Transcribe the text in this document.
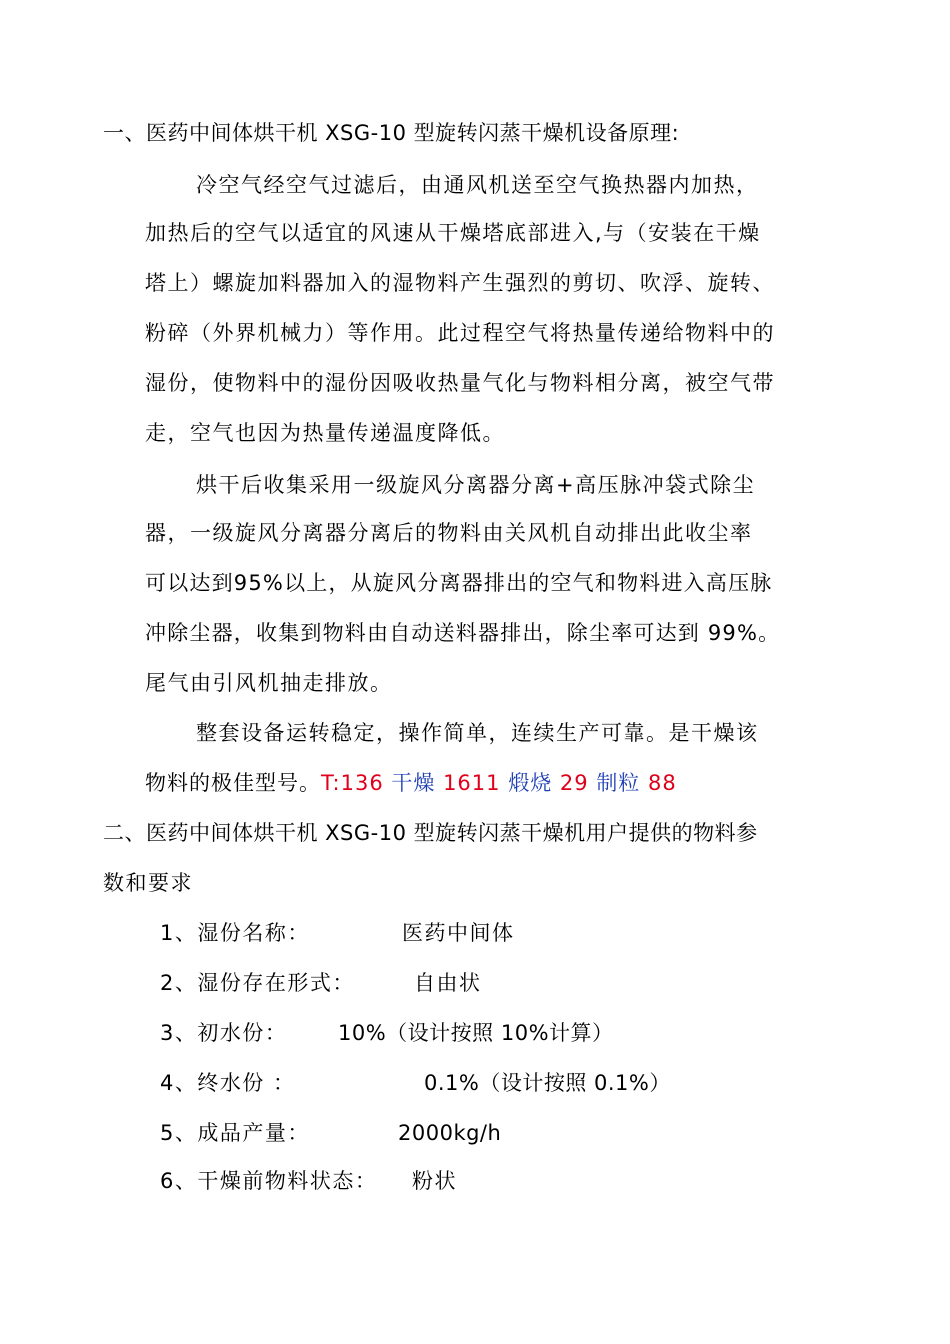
一、医药中间体烘干机 XSG-10 型旋转闪蒸干燥机设备原理:
冷空气经空气过滤后，由通风机送至空气换热器内加热，
加热后的空气以适宜的风速从干燥塔底部进入,与（安装在干燥
塔上）螺旋加料器加入的湿物料产生强烈的剪切、吹浮、旋转、
粉碎（外界机械力）等作用。此过程空气将热量传递给物料中的
湿份，使物料中的湿份因吸收热量气化与物料相分离，被空气带
走，空气也因为热量传递温度降低。
烘干后收集采用一级旋风分离器分离+高压脉冲袋式除尘
器，一级旋风分离器分离后的物料由关风机自动排出此收尘率
可以达到95%以上，从旋风分离器排出的空气和物料进入高压脉
冲除尘器，收集到物料由自动送料器排出，除尘率可达到 99%。
尾气由引风机抽走排放。
整套设备运转稳定，操作简单，连续生产可靠。是干燥该
物料的极佳型号。T:136 干燥 1611 煅烧 29 制粒 88
二、医药中间体烘干机 XSG-10 型旋转闪蒸干燥机用户提供的物料参
数和要求
1、湿份名称：	医药中间体
2、湿份存在形式：	自由状
3、初水份： 10%（设计按照 10%计算）
4、终水份 ：	0.1%（设计按照 0.1%）
5、成品产量：	2000kg/h
6、干燥前物料状态： 粉状
